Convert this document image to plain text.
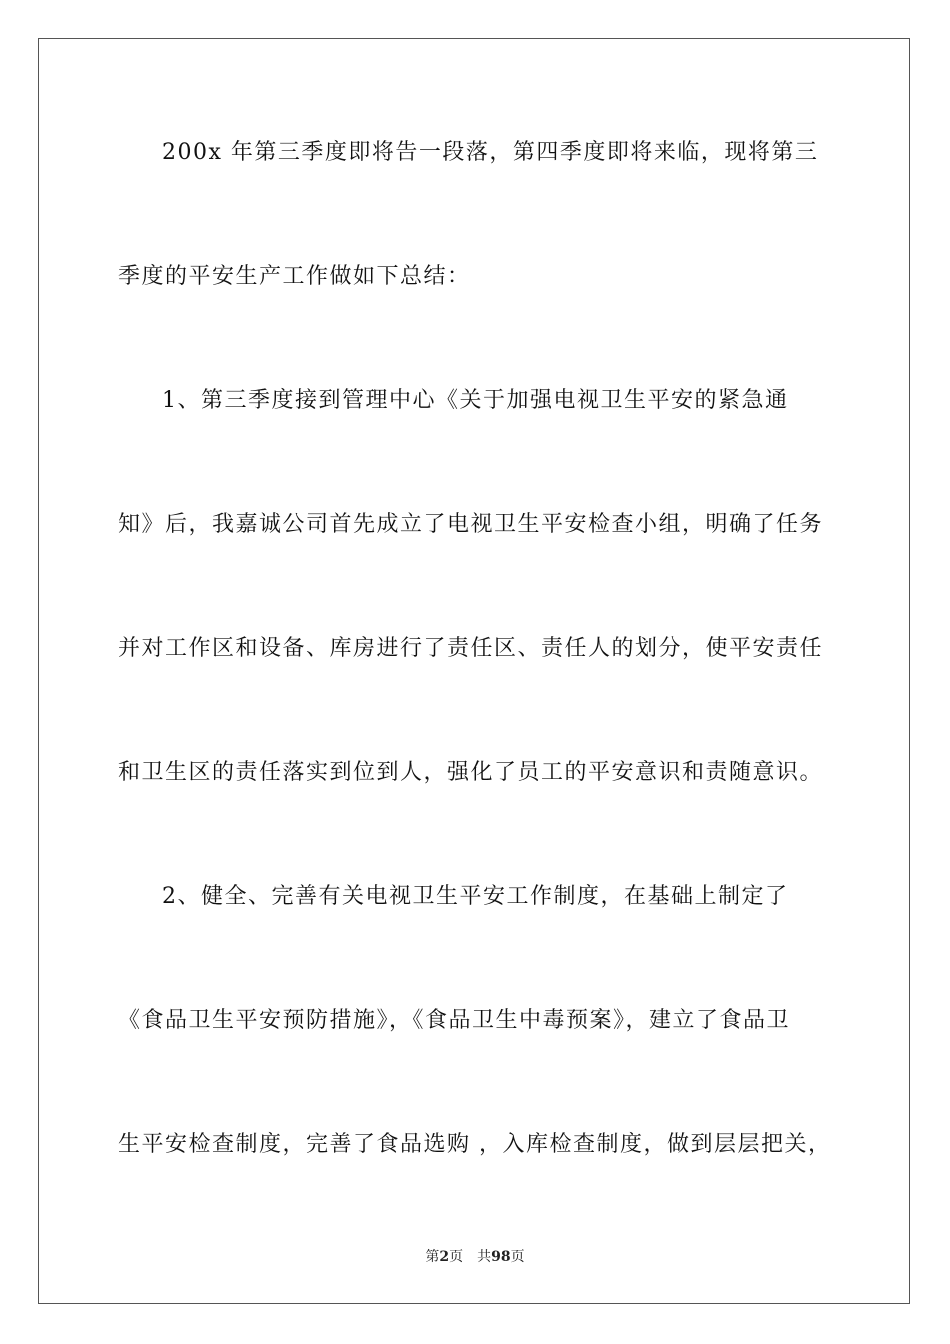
200x 年第三季度即将告一段落，第四季度即将来临，现将第三
季度的平安生产工作做如下总结：
1、第三季度接到管理中心《关于加强电视卫生平安的紧急通
知》后，我嘉诚公司首先成立了电视卫生平安检查小组，明确了任务
并对工作区和设备、库房进行了责任区、责任人的划分，使平安责任
和卫生区的责任落实到位到人，强化了员工的平安意识和责随意识。
2、健全、完善有关电视卫生平安工作制度，在基础上制定了
《食品卫生平安预防措施》，《食品卫生中毒预案》，建立了食品卫
生平安检查制度，完善了食品选购 ，入库检查制度，做到层层把关，
第2页 共98页
